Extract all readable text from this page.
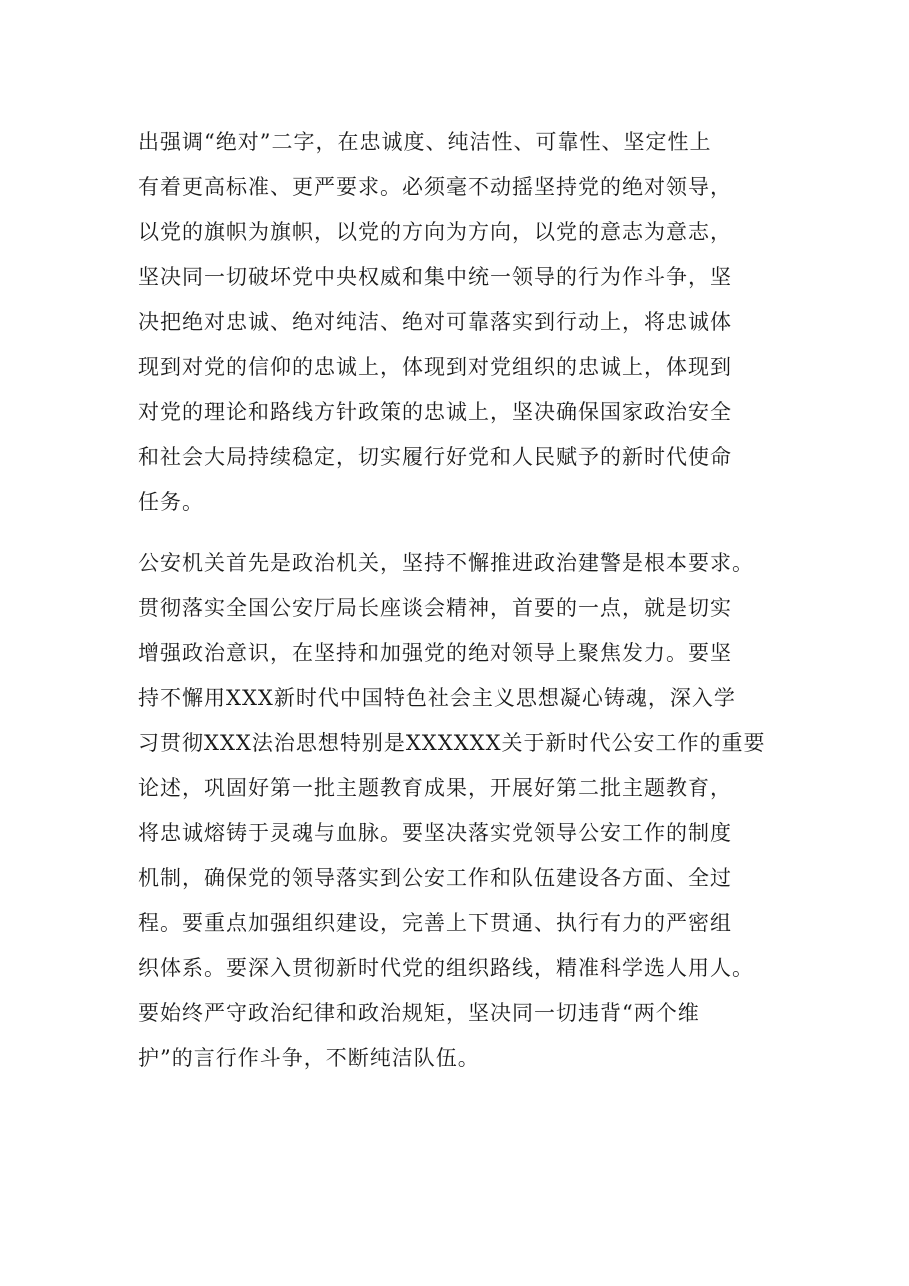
出强调“绝对”二字，在忠诚度、纯洁性、可靠性、坚定性上
有着更高标准、更严要求。必须毫不动摇坚持党的绝对领导，
以党的旗帜为旗帜，以党的方向为方向，以党的意志为意志，
坚决同一切破坏党中央权威和集中统一领导的行为作斗争，坚
决把绝对忠诚、绝对纯洁、绝对可靠落实到行动上，将忠诚体
现到对党的信仰的忠诚上，体现到对党组织的忠诚上，体现到
对党的理论和路线方针政策的忠诚上，坚决确保国家政治安全
和社会大局持续稳定，切实履行好党和人民赋予的新时代使命
任务。
公安机关首先是政治机关，坚持不懈推进政治建警是根本要求。
贯彻落实全国公安厅局长座谈会精神，首要的一点，就是切实
增强政治意识，在坚持和加强党的绝对领导上聚焦发力。要坚
持不懈用XXX新时代中国特色社会主义思想凝心铸魂，深入学
习贯彻XXX法治思想特别是XXXXXX关于新时代公安工作的重要
论述，巩固好第一批主题教育成果，开展好第二批主题教育，
将忠诚熔铸于灵魂与血脉。要坚决落实党领导公安工作的制度
机制，确保党的领导落实到公安工作和队伍建设各方面、全过
程。要重点加强组织建设，完善上下贯通、执行有力的严密组
织体系。要深入贯彻新时代党的组织路线，精准科学选人用人。
要始终严守政治纪律和政治规矩，坚决同一切违背“两个维
护”的言行作斗争，不断纯洁队伍。
